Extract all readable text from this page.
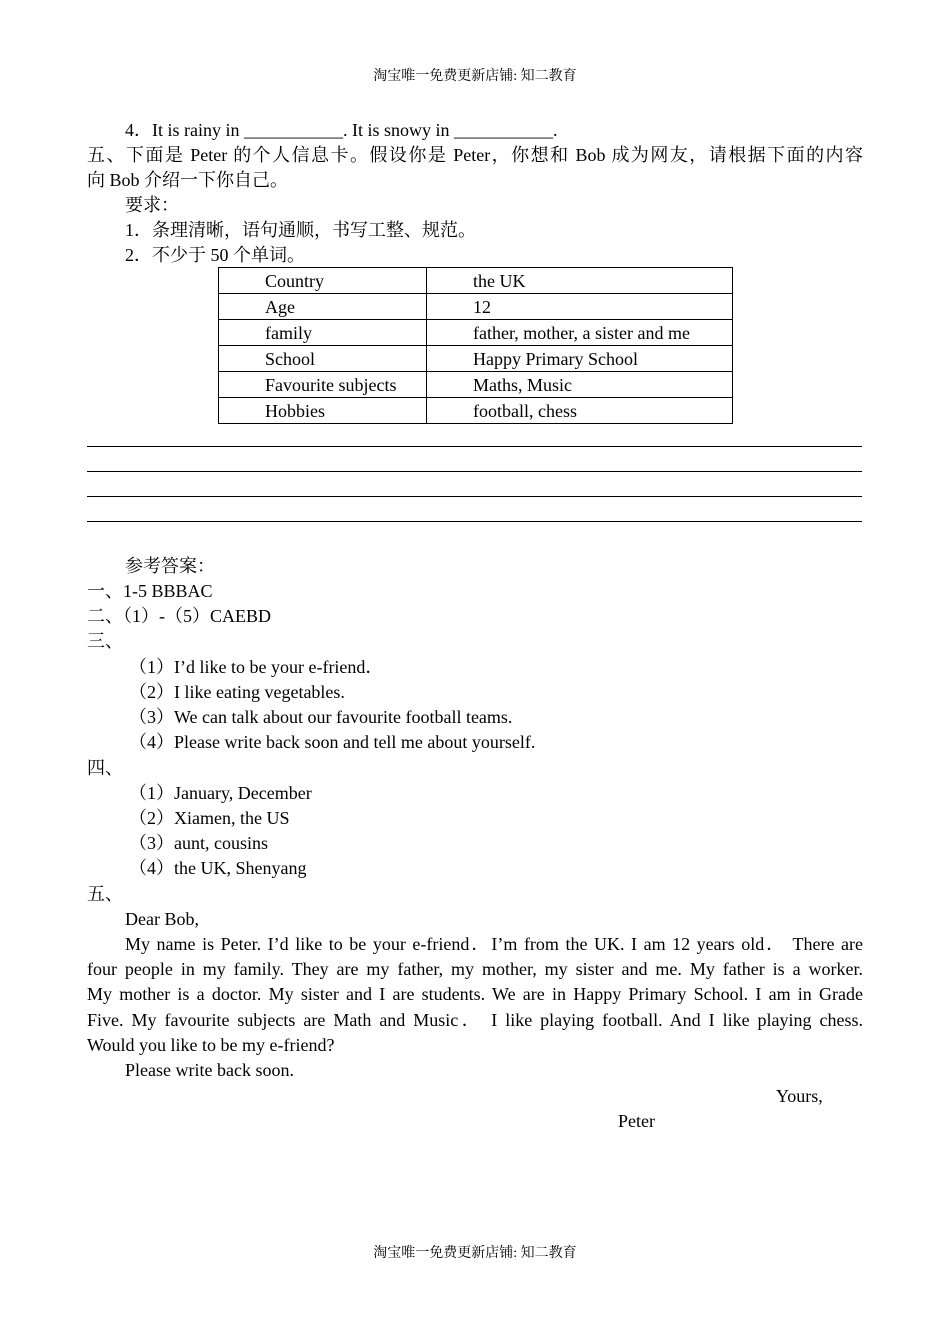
淘宝唯一免费更新店铺: 知二教育
4．It is rainy in ___________. It is snowy in ___________.
五、下面是 Peter 的个人信息卡。假设你是 Peter，你想和 Bob 成为网友，请根据下面的内容
向 Bob 介绍一下你自己。
要求：
1．条理清晰，语句通顺，书写工整、规范。
2．不少于 50 个单词。
Country	the UK
Age	12
family	father, mother, a sister and me
School	Happy Primary School
Favourite subjects	Maths, Music
Hobbies	football, chess
参考答案：
一、1-5 BBBAC
二、（1）-（5）CAEBD
三、
（1）I’d like to be your e-friend．
（2）I like eating vegetables.
（3）We can talk about our favourite football teams.
（4）Please write back soon and tell me about yourself.
四、
（1）January, December
（2）Xiamen, the US
（3）aunt, cousins
（4）the UK, Shenyang
五、
Dear Bob,
My name is Peter. I’d like to be your e-friend．I’m from the UK. I am 12 years old． There are
four people in my family. They are my father, my mother, my sister and me. My father is a worker.
My mother is a doctor. My sister and I are students. We are in Happy Primary School. I am in Grade
Five. My favourite subjects are Math and Music． I like playing football. And I like playing chess.
Would you like to be my e-friend?
Please write back soon.
Yours,
Peter
淘宝唯一免费更新店铺: 知二教育
